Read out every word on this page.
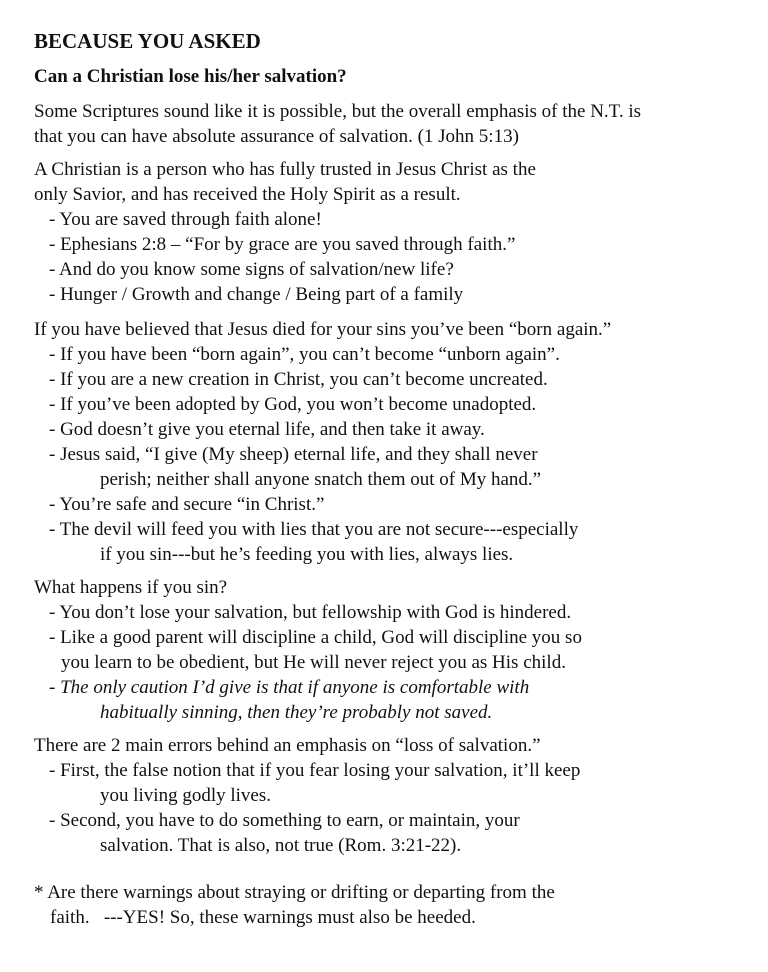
BECAUSE YOU ASKED
Can a Christian lose his/her salvation?
Some Scriptures sound like it is possible, but the overall emphasis of the N.T. is
that you can have absolute assurance of salvation. (1 John 5:13)
A Christian is a person who has fully trusted in Jesus Christ as the
only Savior, and has received the Holy Spirit as a result.
- You are saved through faith alone!
- Ephesians 2:8 – “For by grace are you saved through faith.”
- And do you know some signs of salvation/new life?
- Hunger / Growth and change / Being part of a family
If you have believed that Jesus died for your sins you’ve been “born again.”
- If you have been “born again”, you can’t become “unborn again”.
- If you are a new creation in Christ, you can’t become uncreated.
- If you’ve been adopted by God, you won’t become unadopted.
- God doesn’t give you eternal life, and then take it away.
- Jesus said, “I give (My sheep) eternal life, and they shall never
perish; neither shall anyone snatch them out of My hand.”
- You’re safe and secure “in Christ.”
- The devil will feed you with lies that you are not secure---especially
if you sin---but he’s feeding you with lies, always lies.
What happens if you sin?
- You don’t lose your salvation, but fellowship with God is hindered.
- Like a good parent will discipline a child, God will discipline you so
you learn to be obedient, but He will never reject you as His child.
- The only caution I’d give is that if anyone is comfortable with
habitually sinning, then they’re probably not saved.
There are 2 main errors behind an emphasis on “loss of salvation.”
- First, the false notion that if you fear losing your salvation, it’ll keep
you living godly lives.
- Second, you have to do something to earn, or maintain, your
salvation. That is also, not true (Rom. 3:21-22).
* Are there warnings about straying or drifting or departing from the
faith.   ---YES! So, these warnings must also be heeded.
